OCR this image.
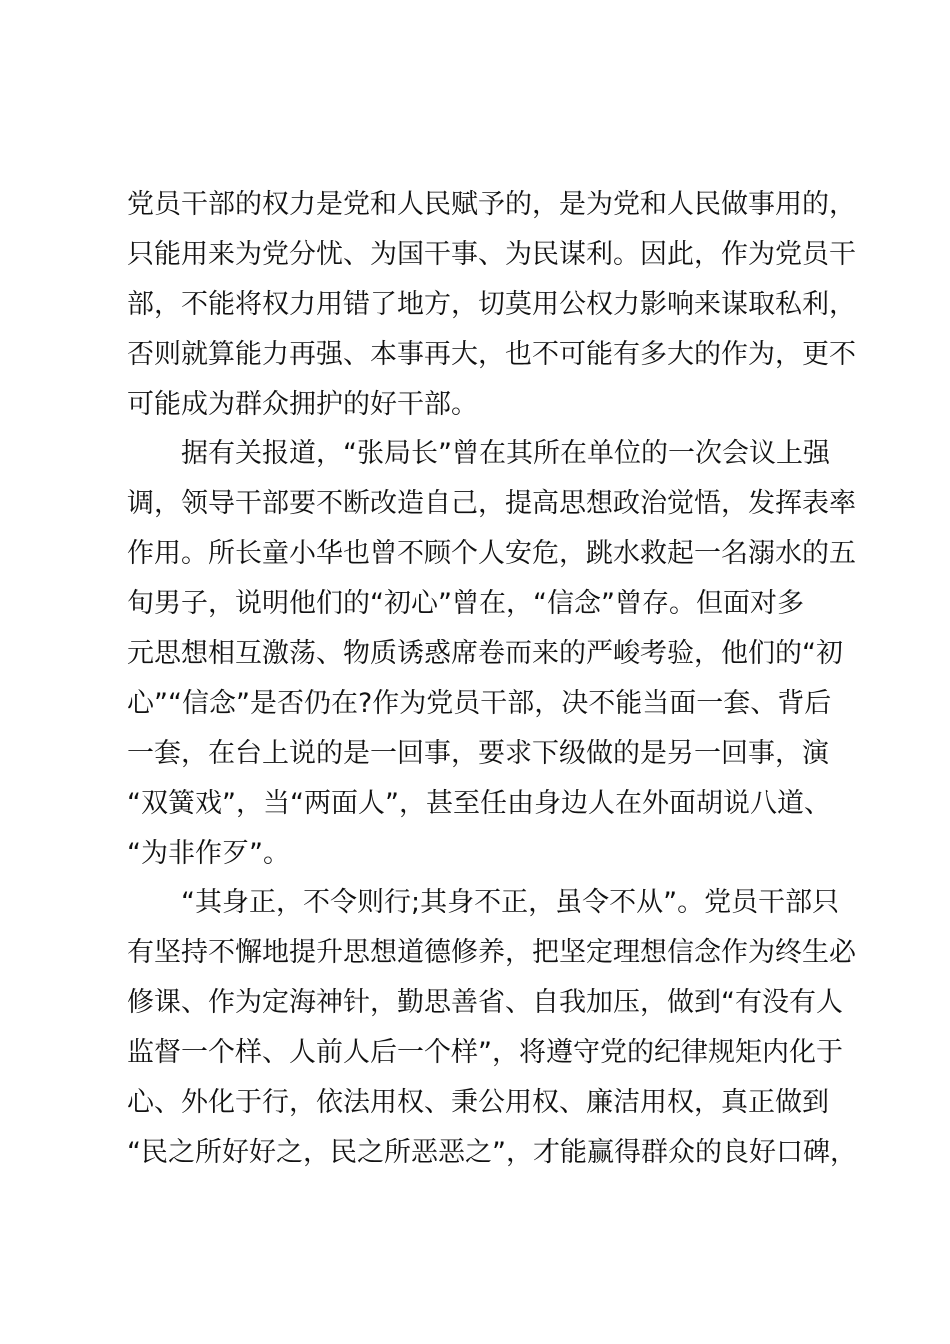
党员干部的权力是党和人民赋予的，是为党和人民做事用的，
只能用来为党分忧、为国干事、为民谋利。因此，作为党员干
部，不能将权力用错了地方，切莫用公权力影响来谋取私利，
否则就算能力再强、本事再大，也不可能有多大的作为，更不
可能成为群众拥护的好干部。
据有关报道，“张局长”曾在其所在单位的一次会议上强
调，领导干部要不断改造自己，提高思想政治觉悟，发挥表率
作用。所长童小华也曾不顾个人安危，跳水救起一名溺水的五
旬男子，说明他们的“初心”曾在，“信念”曾存。但面对多
元思想相互激荡、物质诱惑席卷而来的严峻考验，他们的“初
心”“信念”是否仍在?作为党员干部，决不能当面一套、背后
一套，在台上说的是一回事，要求下级做的是另一回事，演
“双簧戏”，当“两面人”，甚至任由身边人在外面胡说八道、
“为非作歹”。
“其身正，不令则行;其身不正，虽令不从”。党员干部只
有坚持不懈地提升思想道德修养，把坚定理想信念作为终生必
修课、作为定海神针，勤思善省、自我加压，做到“有没有人
监督一个样、人前人后一个样”，将遵守党的纪律规矩内化于
心、外化于行，依法用权、秉公用权、廉洁用权，真正做到
“民之所好好之，民之所恶恶之”，才能赢得群众的良好口碑，
